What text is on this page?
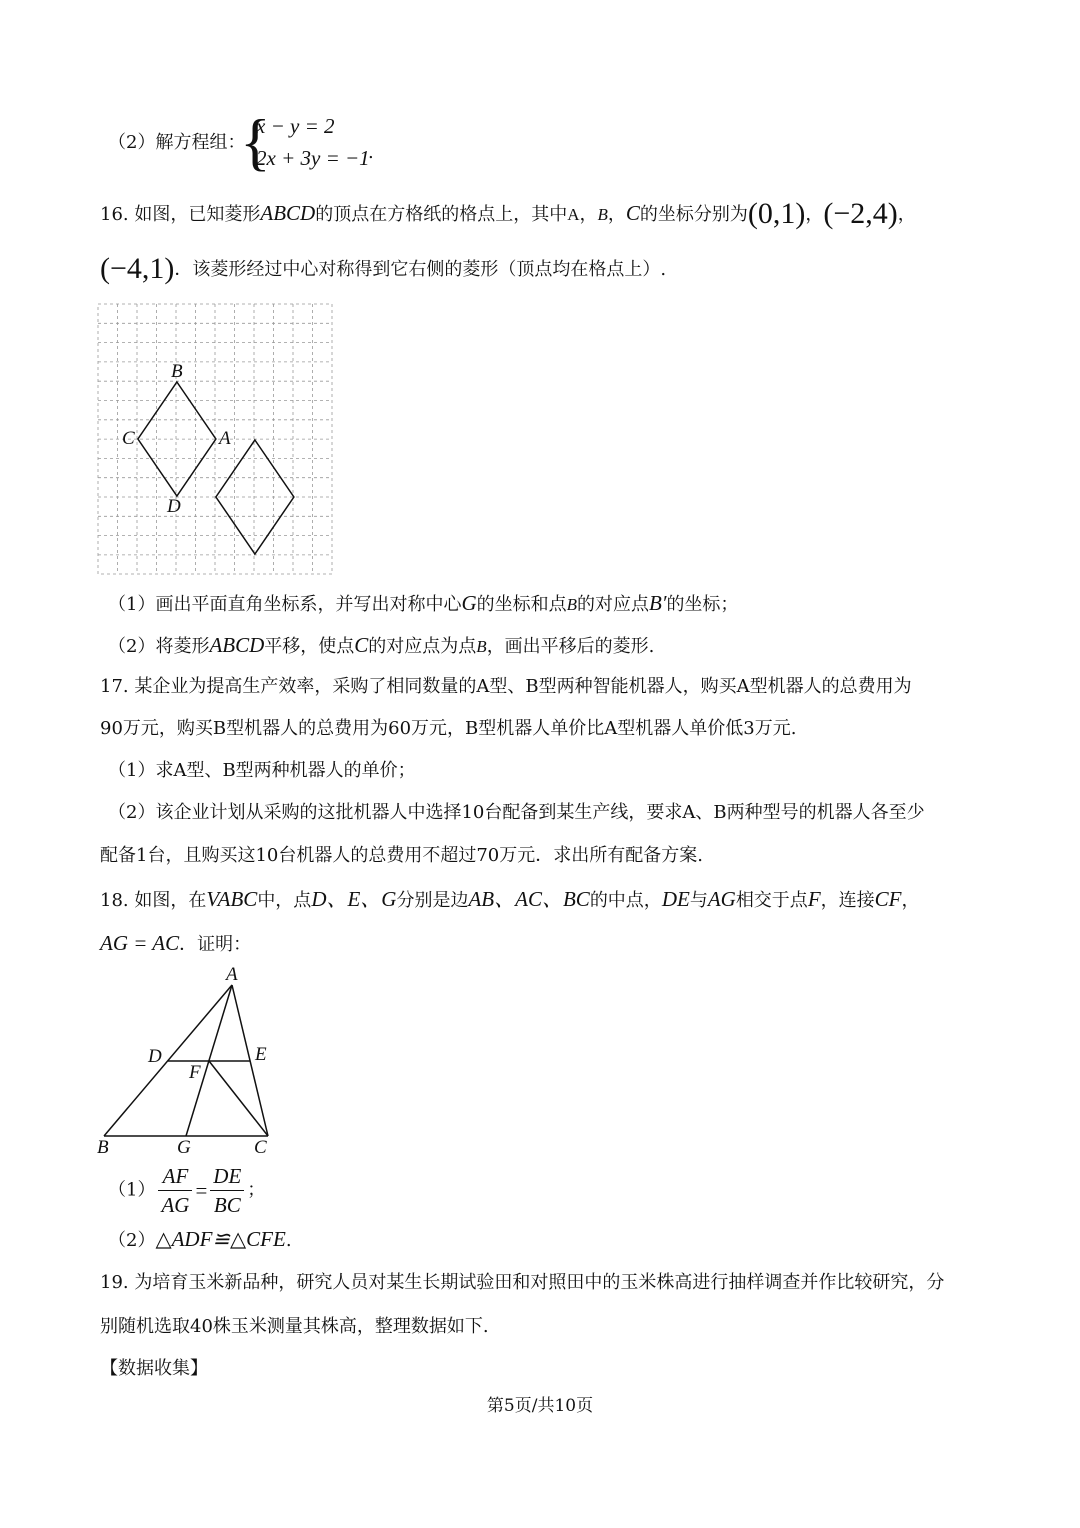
（2）解方程组：
{
x − y = 2
2x + 3y = −1
.
16. 如图，已知菱形ABCD的顶点在方格纸的格点上，其中A，B，C的坐标分别为(0,1)，(−2,4)，
(−4,1)．该菱形经过中心对称得到它右侧的菱形（顶点均在格点上）.
B
C	A
D
（1）画出平面直角坐标系，并写出对称中心G的坐标和点B的对应点B′的坐标；
（2）将菱形ABCD平移，使点C的对应点为点B，画出平移后的菱形.
17. 某企业为提高生产效率，采购了相同数量的A型、B型两种智能机器人，购买A型机器人的总费用为
90万元，购买B型机器人的总费用为60万元，B型机器人单价比A型机器人单价低3万元.
（1）求A型、B型两种机器人的单价；
（2）该企业计划从采购的这批机器人中选择10台配备到某生产线，要求A、B两种型号的机器人各至少
配备1台，且购买这10台机器人的总费用不超过70万元．求出所有配备方案.
18. 如图，在VABC中，点D、E、G分别是边AB、AC、BC的中点，DE与AG相交于点F，连接CF，
AG = AC．证明：
A
D	E
F
B	G	C
$(1) \frac{AF}{AG} = \frac{DE}{BC}$ ；
（2）△ADF≌△CFE.
19. 为培育玉米新品种，研究人员对某生长期试验田和对照田中的玉米株高进行抽样调查并作比较研究，分
别随机选取40株玉米测量其株高，整理数据如下.
【数据收集】
第5页/共10页
